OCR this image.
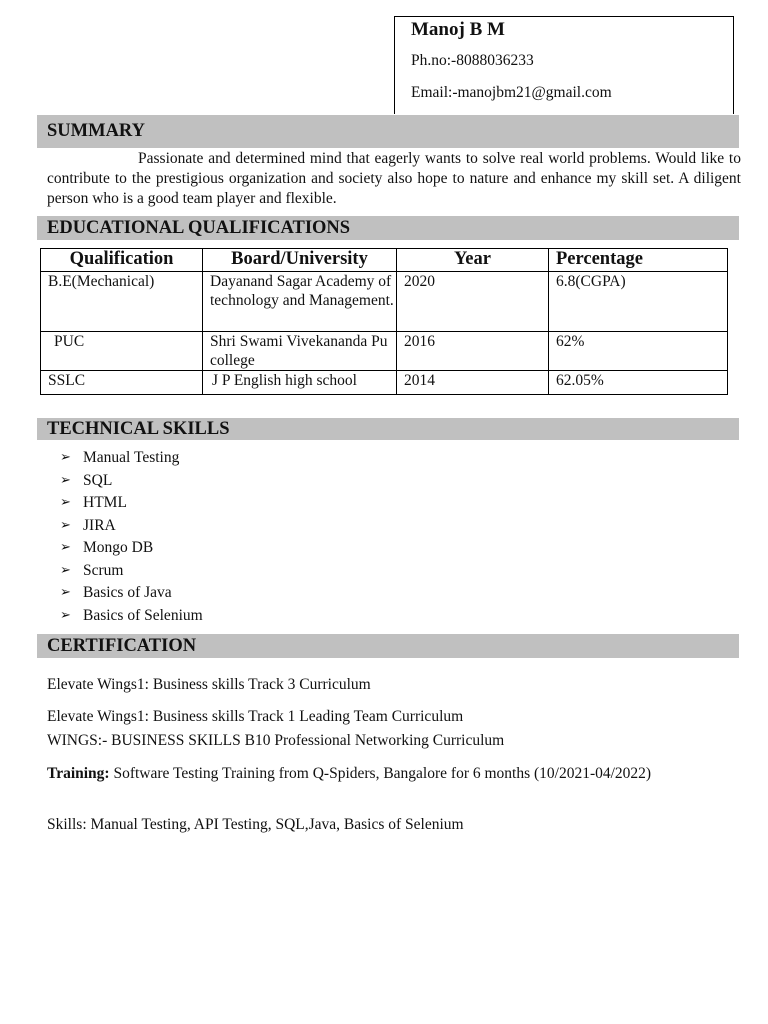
Manoj B M
Ph.no:-8088036233
Email:-manojbm21@gmail.com
SUMMARY
Passionate and determined mind that eagerly wants to solve real world problems. Would like to contribute to the prestigious organization and society also hope to nature and enhance my skill set. A diligent person who is a good team player and flexible.
EDUCATIONAL QUALIFICATIONS
Qualification	Board/University	Year	Percentage
B.E(Mechanical)	Dayanand Sagar Academy of technology and Management.	2020	6.8(CGPA)
PUC	Shri Swami Vivekananda Pu college	2016	62%
SSLC	J P English high school	2014	62.05%
TECHNICAL SKILLS
➢ Manual Testing
➢ SQL
➢ HTML
➢ JIRA
➢ Mongo DB
➢ Scrum
➢ Basics of Java
➢ Basics of Selenium
CERTIFICATION
Elevate Wings1: Business skills Track 3 Curriculum
Elevate Wings1: Business skills Track 1 Leading Team Curriculum
WINGS:- BUSINESS SKILLS B10 Professional Networking Curriculum
Training: Software Testing Training from Q-Spiders, Bangalore for 6 months (10/2021-04/2022)
Skills: Manual Testing, API Testing, SQL,Java, Basics of Selenium
